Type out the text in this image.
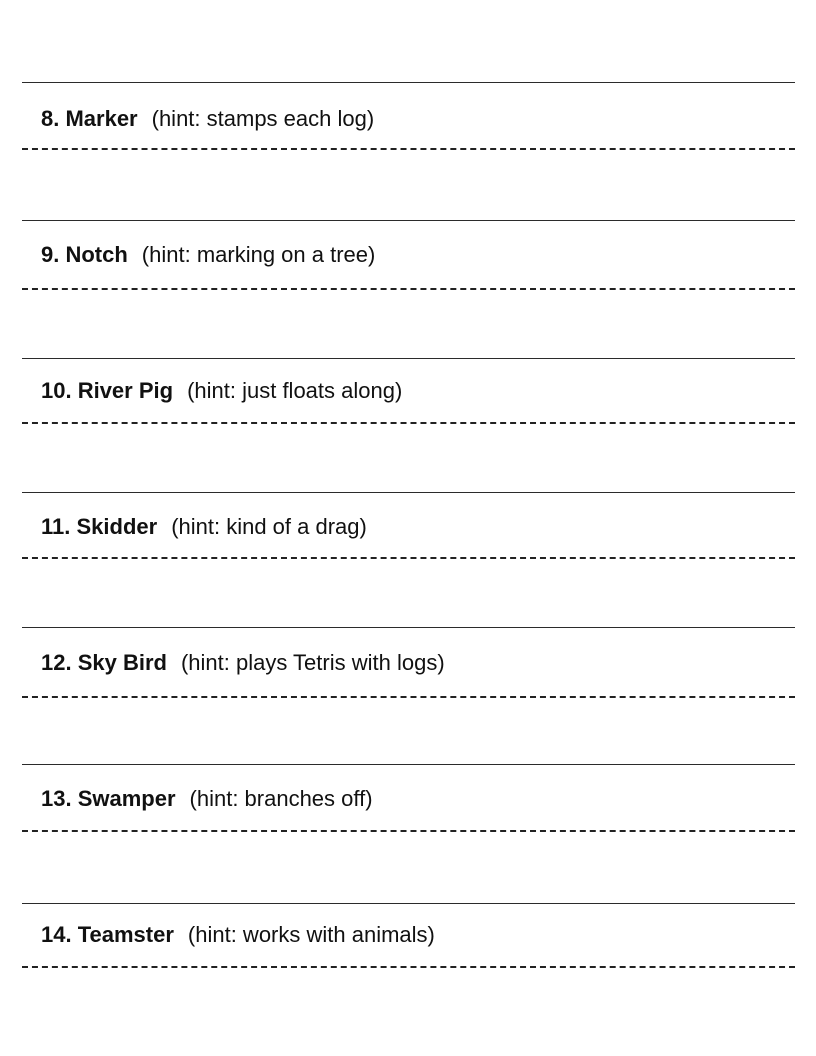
8. Marker (hint: stamps each log)
9. Notch (hint: marking on a tree)
10. River Pig (hint: just floats along)
11. Skidder (hint: kind of a drag)
12. Sky Bird (hint: plays Tetris with logs)
13. Swamper (hint: branches off)
14. Teamster (hint: works with animals)
